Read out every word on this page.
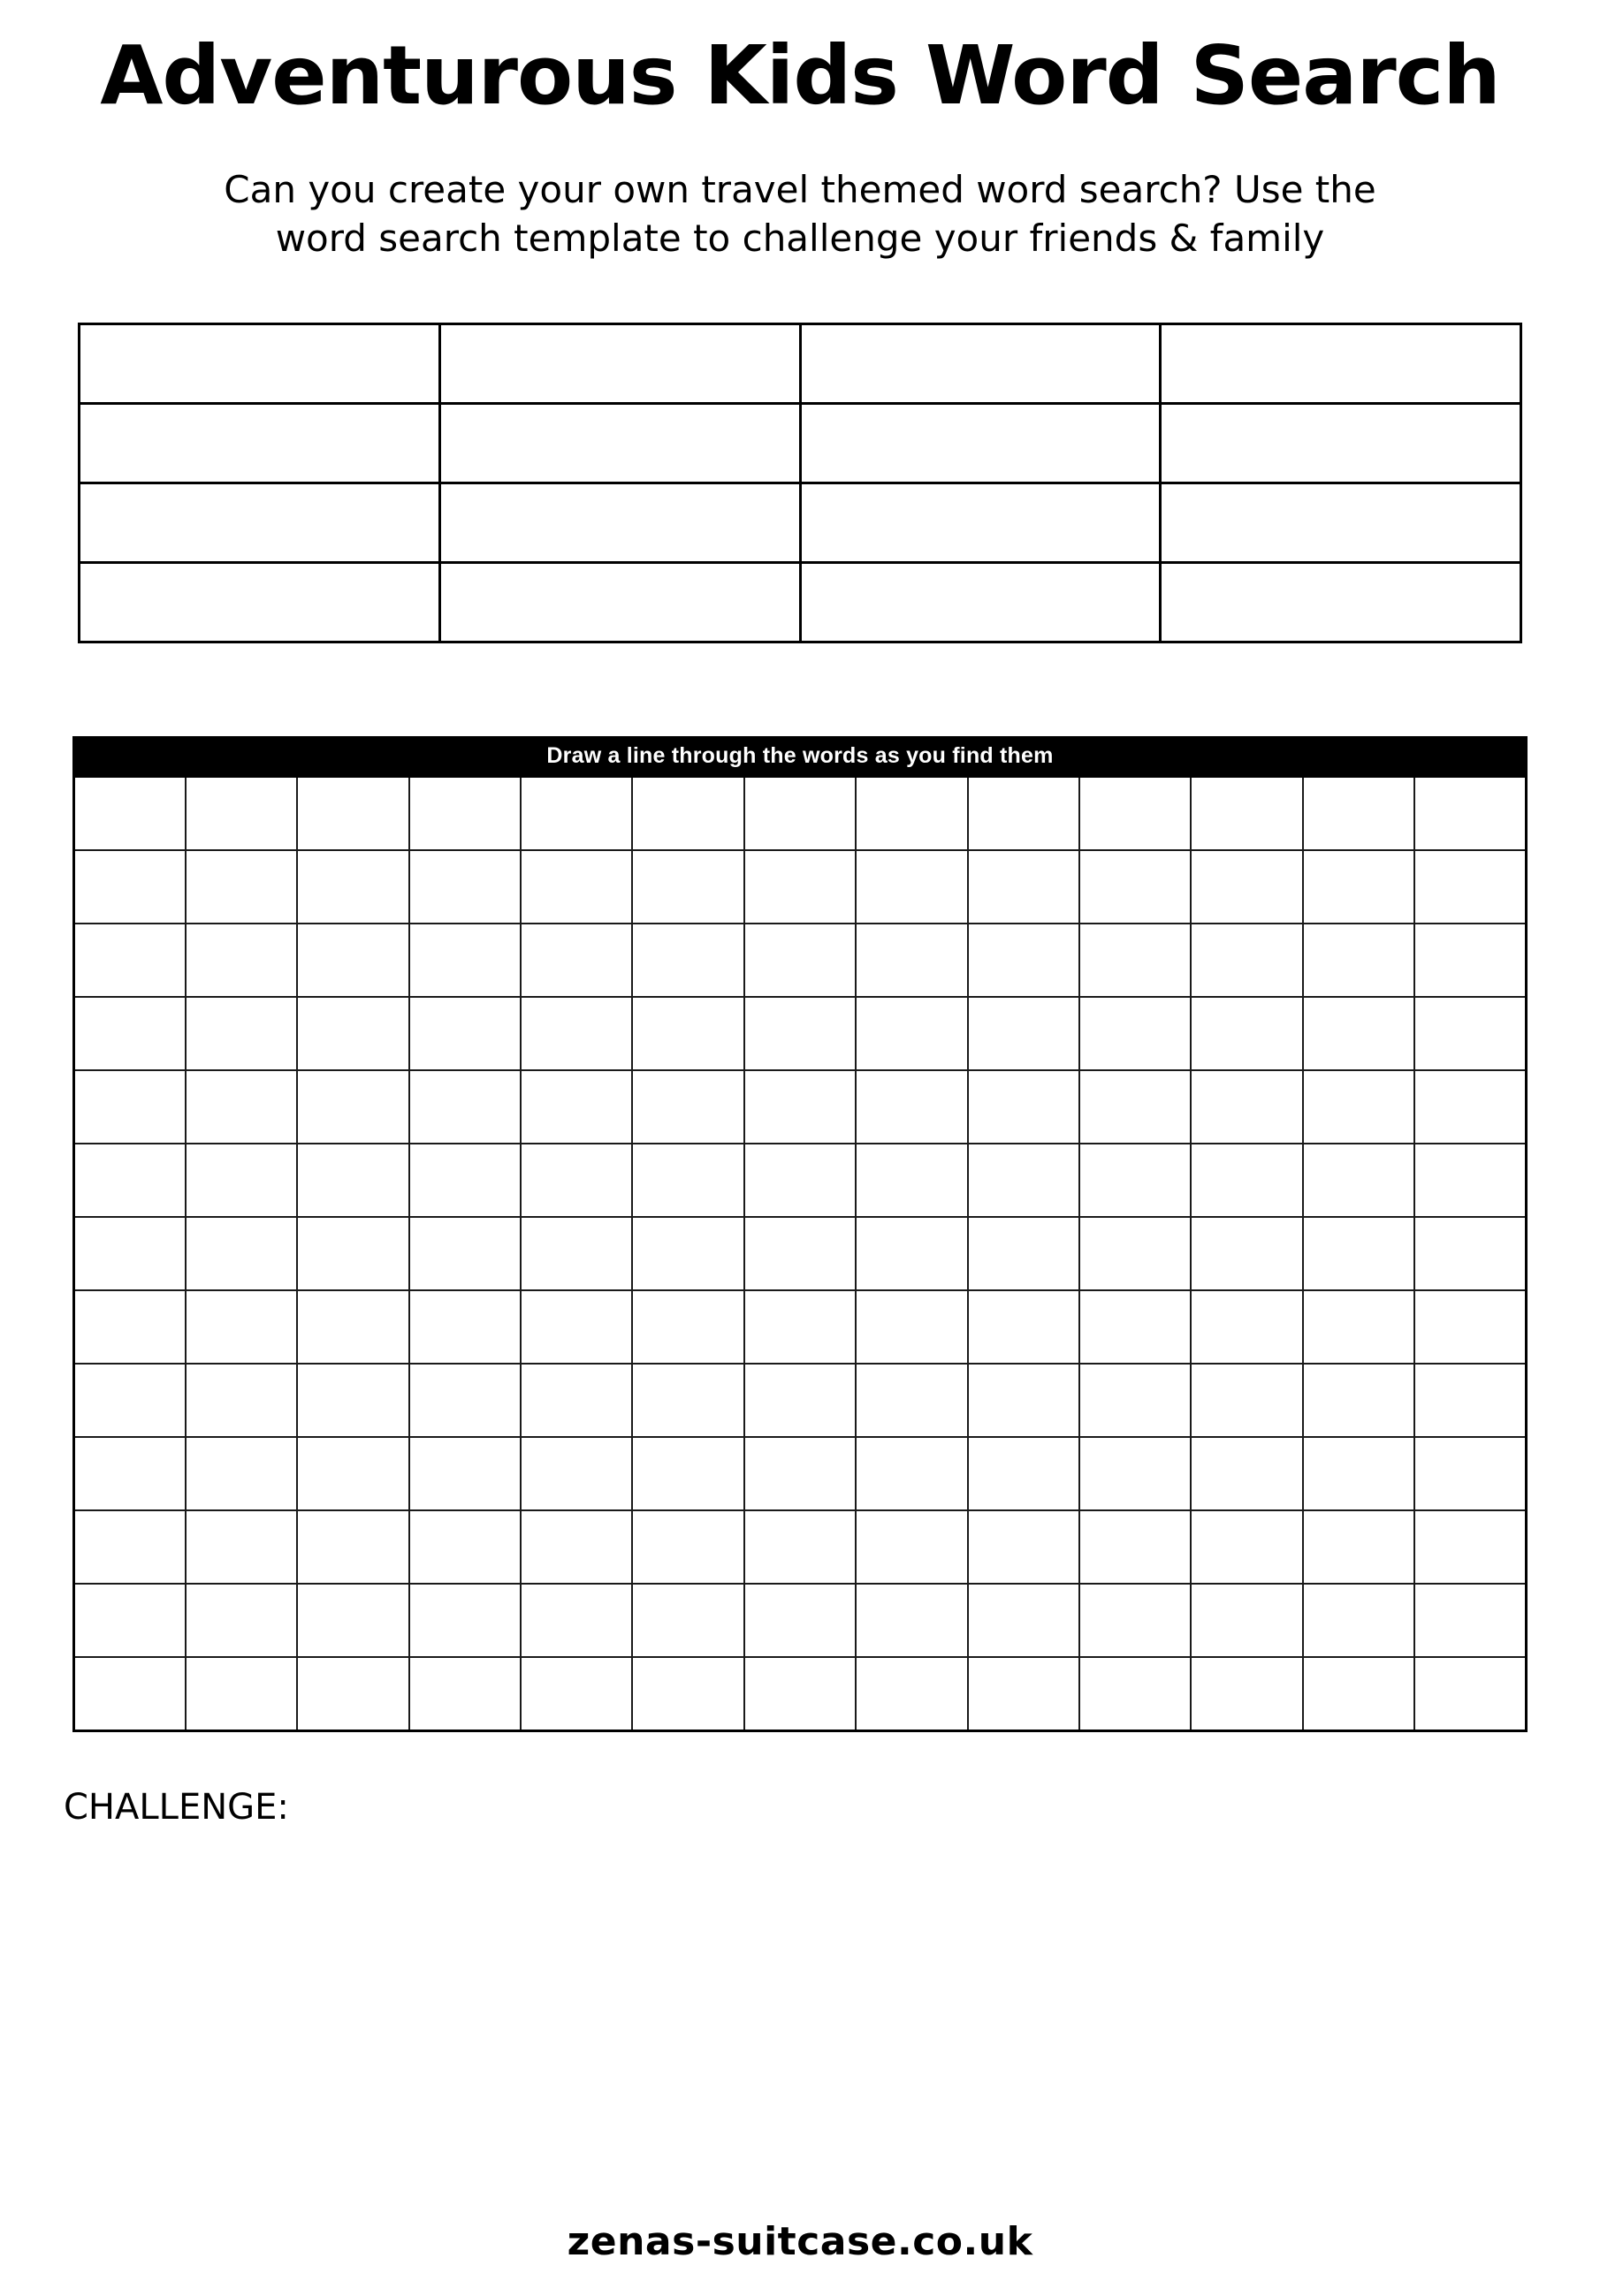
Adventurous Kids Word Search
Can you create your own travel themed word search? Use the
word search template to challenge your friends & family

Draw a line through the words as you find them

CHALLENGE:
zenas-suitcase.co.uk
